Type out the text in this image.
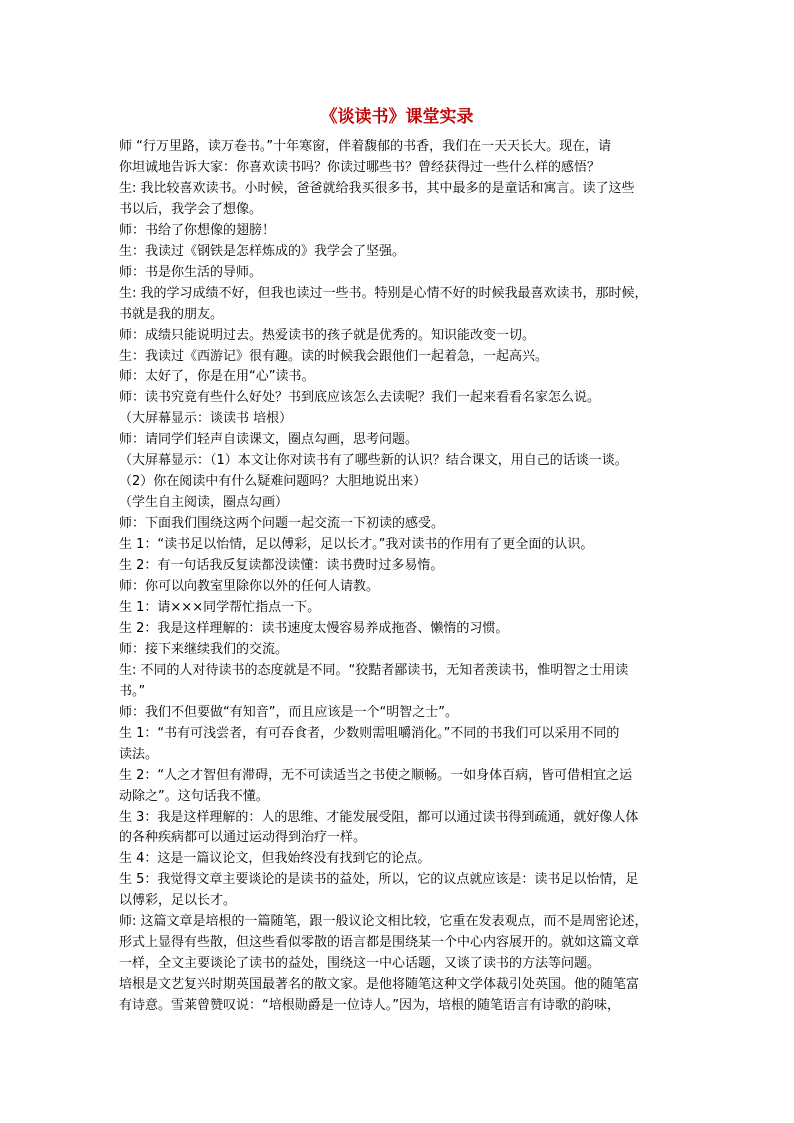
《谈读书》课堂实录
师 “行万里路，读万卷书。”十年寒窗，伴着馥郁的书香，我们在一天天长大。现在，请
你坦诚地告诉大家：你喜欢读书吗？你读过哪些书？曾经获得过一些什么样的感悟？
生: 我比较喜欢读书。小时候，爸爸就给我买很多书，其中最多的是童话和寓言。读了这些
书以后，我学会了想像。
师：书给了你想像的翅膀！
生：我读过《钢铁是怎样炼成的》我学会了坚强。
师：书是你生活的导师。
生: 我的学习成绩不好，但我也读过一些书。特别是心情不好的时候我最喜欢读书，那时候，
书就是我的朋友。
师：成绩只能说明过去。热爱读书的孩子就是优秀的。知识能改变一切。
生：我读过《西游记》很有趣。读的时候我会跟他们一起着急，一起高兴。
师：太好了，你是在用“心”读书。
师：读书究竟有些什么好处？书到底应该怎么去读呢？我们一起来看看名家怎么说。
（大屏幕显示：谈读书 培根）
师：请同学们轻声自读课文，圈点勾画，思考问题。
（大屏幕显示：（1）本文让你对读书有了哪些新的认识？结合课文，用自己的话谈一谈。
（2）你在阅读中有什么疑难问题吗？大胆地说出来）
（学生自主阅读，圈点勾画）
师：下面我们围绕这两个问题一起交流一下初读的感受。
生 1：“读书足以怡情，足以傅彩，足以长才。”我对读书的作用有了更全面的认识。
生 2：有一句话我反复读都没读懂：读书费时过多易惰。
师：你可以向教室里除你以外的任何人请教。
生 1：请×××同学帮忙指点一下。
生 2：我是这样理解的：读书速度太慢容易养成拖沓、懒惰的习惯。
师：接下来继续我们的交流。
生: 不同的人对待读书的态度就是不同。“狡黠者鄙读书，无知者羡读书，惟明智之士用读
书。”
师：我们不但要做“有知音”，而且应该是一个“明智之士”。
生 1：“书有可浅尝者，有可吞食者，少数则需咀嚼消化。”不同的书我们可以采用不同的
读法。
生 2：“人之才智但有滞碍，无不可读适当之书使之顺畅。一如身体百病，皆可借相宜之运
动除之”。这句话我不懂。
生 3：我是这样理解的：人的思维、才能发展受阻，都可以通过读书得到疏通，就好像人体
的各种疾病都可以通过运动得到治疗一样。
生 4：这是一篇议论文，但我始终没有找到它的论点。
生 5：我觉得文章主要谈论的是读书的益处，所以，它的议点就应该是：读书足以怡情，足
以傅彩，足以长才。
师: 这篇文章是培根的一篇随笔，跟一般议论文相比较，它重在发表观点，而不是周密论述，
形式上显得有些散，但这些看似零散的语言都是围绕某一个中心内容展开的。就如这篇文章
一样，全文主要谈论了读书的益处，围绕这一中心话题，又谈了读书的方法等问题。
培根是文艺复兴时期英国最著名的散文家。是他将随笔这种文学体裁引处英国。他的随笔富
有诗意。雪莱曾赞叹说：“培根勋爵是一位诗人。”因为，培根的随笔语言有诗歌的韵味，
